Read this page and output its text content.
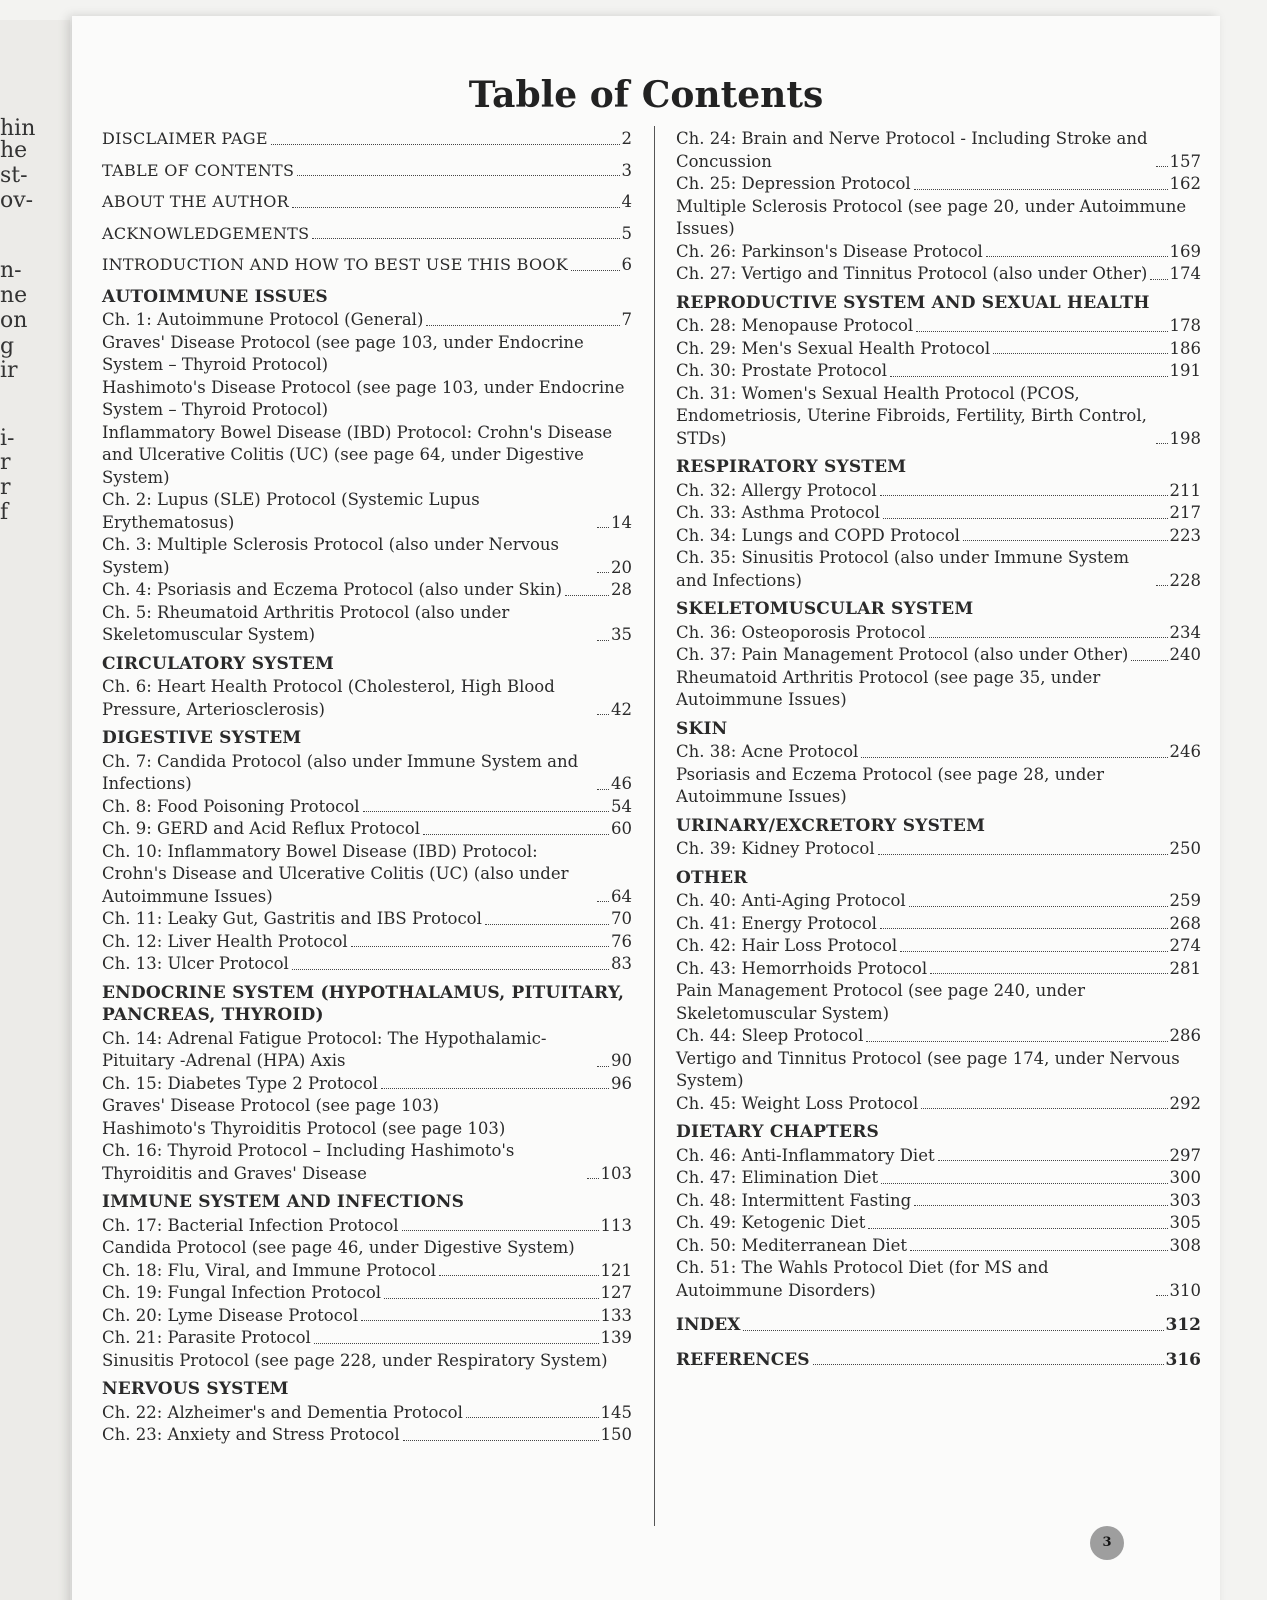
hin
he
st-
ov-
n-
ne
on
g
ir
i-
r
r
f
Table of Contents
DISCLAIMER PAGE	2
TABLE OF CONTENTS	3
ABOUT THE AUTHOR	4
ACKNOWLEDGEMENTS	5
INTRODUCTION AND HOW TO BEST USE THIS BOOK	6
AUTOIMMUNE ISSUES
Ch. 1: Autoimmune Protocol (General)	7
Graves' Disease Protocol (see page 103, under Endocrine System – Thyroid Protocol)
Hashimoto's Disease Protocol (see page 103, under Endocrine System – Thyroid Protocol)
Inflammatory Bowel Disease (IBD) Protocol: Crohn's Disease and Ulcerative Colitis (UC) (see page 64, under Digestive System)
Ch. 2: Lupus (SLE) Protocol (Systemic Lupus Erythematosus)	14
Ch. 3: Multiple Sclerosis Protocol (also under Nervous System)	20
Ch. 4: Psoriasis and Eczema Protocol (also under Skin)	28
Ch. 5: Rheumatoid Arthritis Protocol (also under Skeletomuscular System)	35
CIRCULATORY SYSTEM
Ch. 6: Heart Health Protocol (Cholesterol, High Blood Pressure, Arteriosclerosis)	42
DIGESTIVE SYSTEM
Ch. 7: Candida Protocol (also under Immune System and Infections)	46
Ch. 8: Food Poisoning Protocol	54
Ch. 9: GERD and Acid Reflux Protocol	60
Ch. 10: Inflammatory Bowel Disease (IBD) Protocol: Crohn's Disease and Ulcerative Colitis (UC) (also under Autoimmune Issues)	64
Ch. 11: Leaky Gut, Gastritis and IBS Protocol	70
Ch. 12: Liver Health Protocol	76
Ch. 13: Ulcer Protocol	83
ENDOCRINE SYSTEM (HYPOTHALAMUS, PITUITARY, PANCREAS, THYROID)
Ch. 14: Adrenal Fatigue Protocol: The Hypothalamic-Pituitary -Adrenal (HPA) Axis	90
Ch. 15: Diabetes Type 2 Protocol	96
Graves' Disease Protocol (see page 103)
Hashimoto's Thyroiditis Protocol (see page 103)
Ch. 16: Thyroid Protocol – Including Hashimoto's Thyroiditis and Graves' Disease	103
IMMUNE SYSTEM AND INFECTIONS
Ch. 17: Bacterial Infection Protocol	113
Candida Protocol (see page 46, under Digestive System)
Ch. 18: Flu, Viral, and Immune Protocol	121
Ch. 19: Fungal Infection Protocol	127
Ch. 20: Lyme Disease Protocol	133
Ch. 21: Parasite Protocol	139
Sinusitis Protocol (see page 228, under Respiratory System)
NERVOUS SYSTEM
Ch. 22: Alzheimer's and Dementia Protocol	145
Ch. 23: Anxiety and Stress Protocol	150
Ch. 24: Brain and Nerve Protocol - Including Stroke and Concussion	157
Ch. 25: Depression Protocol	162
Multiple Sclerosis Protocol (see page 20, under Autoimmune Issues)
Ch. 26: Parkinson's Disease Protocol	169
Ch. 27: Vertigo and Tinnitus Protocol (also under Other) 174
REPRODUCTIVE SYSTEM AND SEXUAL HEALTH
Ch. 28: Menopause Protocol	178
Ch. 29: Men's Sexual Health Protocol	186
Ch. 30: Prostate Protocol	191
Ch. 31: Women's Sexual Health Protocol (PCOS, Endometriosis, Uterine Fibroids, Fertility, Birth Control, STDs)	198
RESPIRATORY SYSTEM
Ch. 32: Allergy Protocol	211
Ch. 33: Asthma Protocol	217
Ch. 34: Lungs and COPD Protocol	223
Ch. 35: Sinusitis Protocol (also under Immune System and Infections)	228
SKELETOMUSCULAR SYSTEM
Ch. 36: Osteoporosis Protocol	234
Ch. 37: Pain Management Protocol (also under Other) 240
Rheumatoid Arthritis Protocol (see page 35, under Autoimmune Issues)
SKIN
Ch. 38: Acne Protocol	246
Psoriasis and Eczema Protocol (see page 28, under Autoimmune Issues)
URINARY/EXCRETORY SYSTEM
Ch. 39: Kidney Protocol	250
OTHER
Ch. 40: Anti-Aging Protocol	259
Ch. 41: Energy Protocol	268
Ch. 42: Hair Loss Protocol	274
Ch. 43: Hemorrhoids Protocol	281
Pain Management Protocol (see page 240, under Skeletomuscular System)
Ch. 44: Sleep Protocol	286
Vertigo and Tinnitus Protocol (see page 174, under Nervous System)
Ch. 45: Weight Loss Protocol	292
DIETARY CHAPTERS
Ch. 46: Anti-Inflammatory Diet	297
Ch. 47: Elimination Diet	300
Ch. 48: Intermittent Fasting	303
Ch. 49: Ketogenic Diet	305
Ch. 50: Mediterranean Diet	308
Ch. 51: The Wahls Protocol Diet (for MS and Autoimmune Disorders)	310
INDEX	312
REFERENCES	316
3
